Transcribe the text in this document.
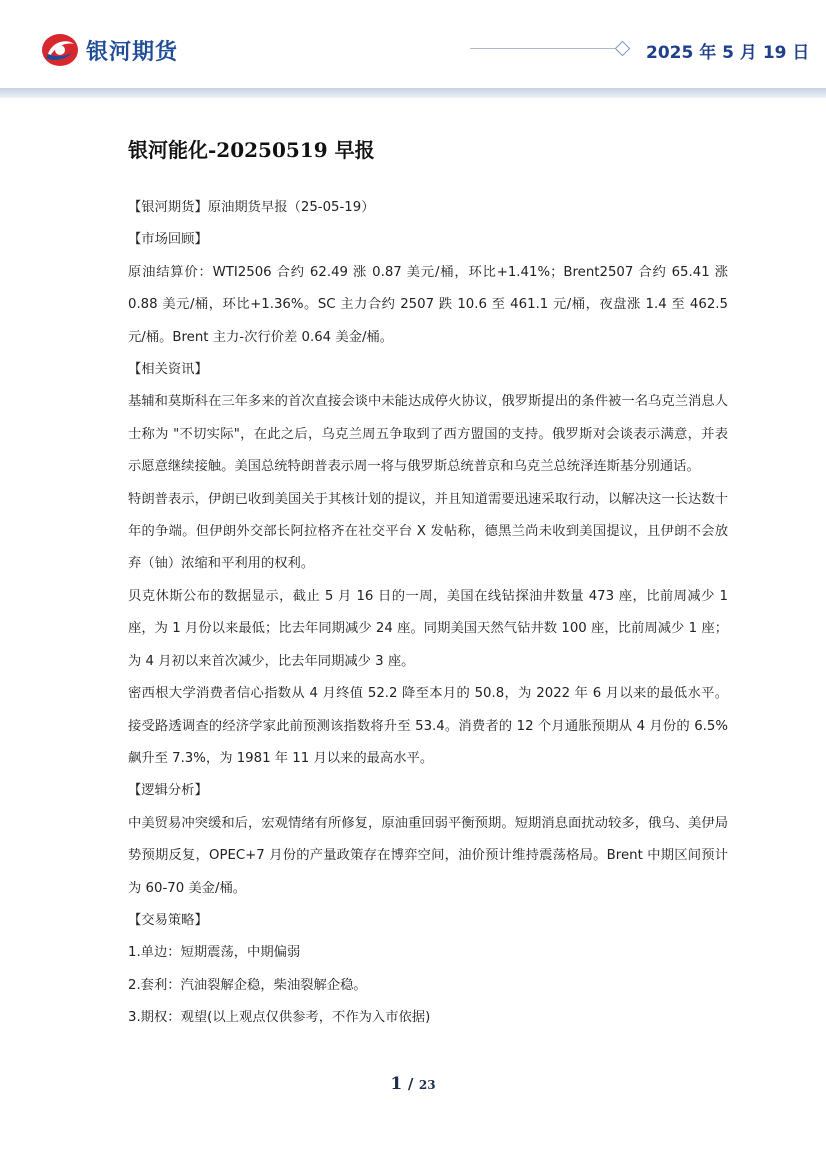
银河期货	2025 年 5 月 19 日
银河能化-20250519 早报

【银河期货】原油期货早报（25-05-19）

【市场回顾】

原油结算价：WTI2506 合约 62.49 涨 0.87 美元/桶，环比+1.41%；Brent2507 合约 65.41 涨 0.88 美元/桶，环比+1.36%。SC 主力合约 2507 跌 10.6 至 461.1 元/桶，夜盘涨 1.4 至 462.5 元/桶。Brent 主力-次行价差 0.64 美金/桶。

【相关资讯】

基辅和莫斯科在三年多来的首次直接会谈中未能达成停火协议，俄罗斯提出的条件被一名乌克兰消息人士称为 "不切实际"，在此之后，乌克兰周五争取到了西方盟国的支持。俄罗斯对会谈表示满意，并表示愿意继续接触。美国总统特朗普表示周一将与俄罗斯总统普京和乌克兰总统泽连斯基分别通话。

特朗普表示，伊朗已收到美国关于其核计划的提议，并且知道需要迅速采取行动，以解决这一长达数十年的争端。但伊朗外交部长阿拉格齐在社交平台 X 发帖称，德黑兰尚未收到美国提议，且伊朗不会放弃（铀）浓缩和平利用的权利。

贝克休斯公布的数据显示，截止 5 月 16 日的一周，美国在线钻探油井数量 473 座，比前周减少 1 座，为 1 月份以来最低；比去年同期减少 24 座。同期美国天然气钻井数 100 座，比前周减少 1 座；为 4 月初以来首次减少，比去年同期减少 3 座。

密西根大学消费者信心指数从 4 月终值 52.2 降至本月的 50.8，为 2022 年 6 月以来的最低水平。接受路透调查的经济学家此前预测该指数将升至 53.4。消费者的 12 个月通胀预期从 4 月份的 6.5%飙升至 7.3%，为 1981 年 11 月以来的最高水平。

【逻辑分析】

中美贸易冲突缓和后，宏观情绪有所修复，原油重回弱平衡预期。短期消息面扰动较多，俄乌、美伊局势预期反复，OPEC+7 月份的产量政策存在博弈空间，油价预计维持震荡格局。Brent 中期区间预计为 60-70 美金/桶。

【交易策略】

1.单边：短期震荡，中期偏弱

2.套利：汽油裂解企稳，柴油裂解企稳。

3.期权：观望(以上观点仅供参考，不作为入市依据)

1 / 23
